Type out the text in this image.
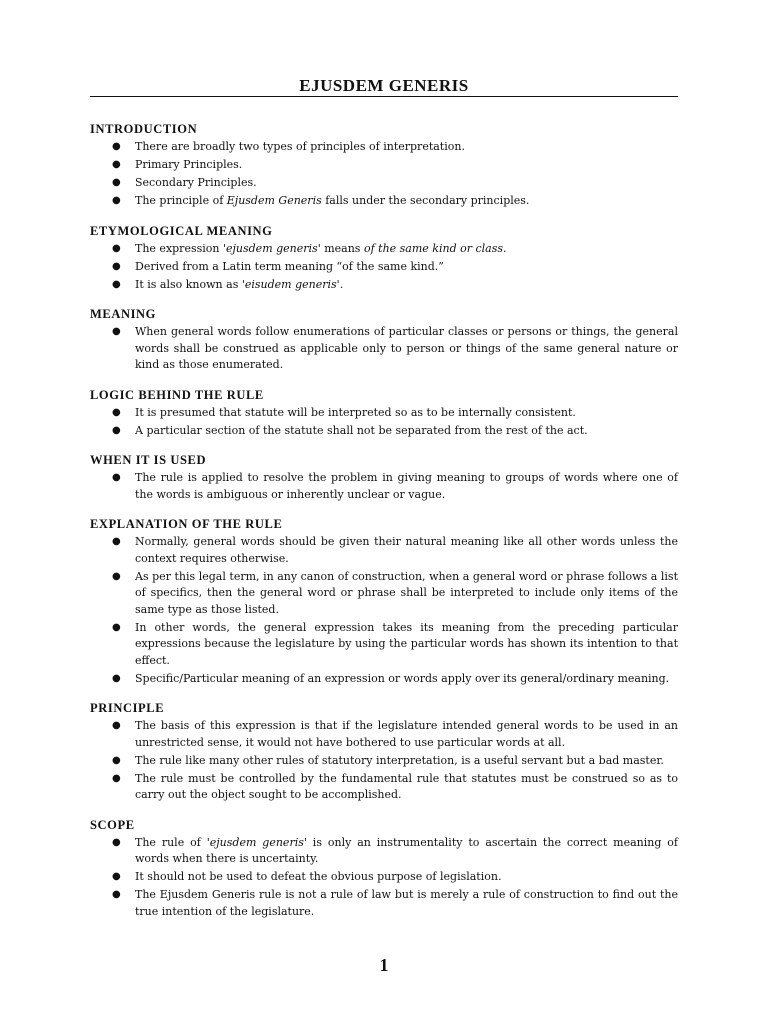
EJUSDEM GENERIS
INTRODUCTION
● There are broadly two types of principles of interpretation.
● Primary Principles.
● Secondary Principles.
● The principle of Ejusdem Generis falls under the secondary principles.
ETYMOLOGICAL MEANING
● The expression 'ejusdem generis' means of the same kind or class.
● Derived from a Latin term meaning “of the same kind.”
● It is also known as 'eisudem generis'.
MEANING
● When general words follow enumerations of particular classes or persons or things, the general words shall be construed as applicable only to person or things of the same general nature or kind as those enumerated.
LOGIC BEHIND THE RULE
● It is presumed that statute will be interpreted so as to be internally consistent.
● A particular section of the statute shall not be separated from the rest of the act.
WHEN IT IS USED
● The rule is applied to resolve the problem in giving meaning to groups of words where one of the words is ambiguous or inherently unclear or vague.
EXPLANATION OF THE RULE
● Normally, general words should be given their natural meaning like all other words unless the context requires otherwise.
● As per this legal term, in any canon of construction, when a general word or phrase follows a list of specifics, then the general word or phrase shall be interpreted to include only items of the same type as those listed.
● In other words, the general expression takes its meaning from the preceding particular expressions because the legislature by using the particular words has shown its intention to that effect.
● Specific/Particular meaning of an expression or words apply over its general/ordinary meaning.
PRINCIPLE
● The basis of this expression is that if the legislature intended general words to be used in an unrestricted sense, it would not have bothered to use particular words at all.
● The rule like many other rules of statutory interpretation, is a useful servant but a bad master.
● The rule must be controlled by the fundamental rule that statutes must be construed so as to carry out the object sought to be accomplished.
SCOPE
● The rule of 'ejusdem generis' is only an instrumentality to ascertain the correct meaning of words when there is uncertainty.
● It should not be used to defeat the obvious purpose of legislation.
● The Ejusdem Generis rule is not a rule of law but is merely a rule of construction to find out the true intention of the legislature.
1
